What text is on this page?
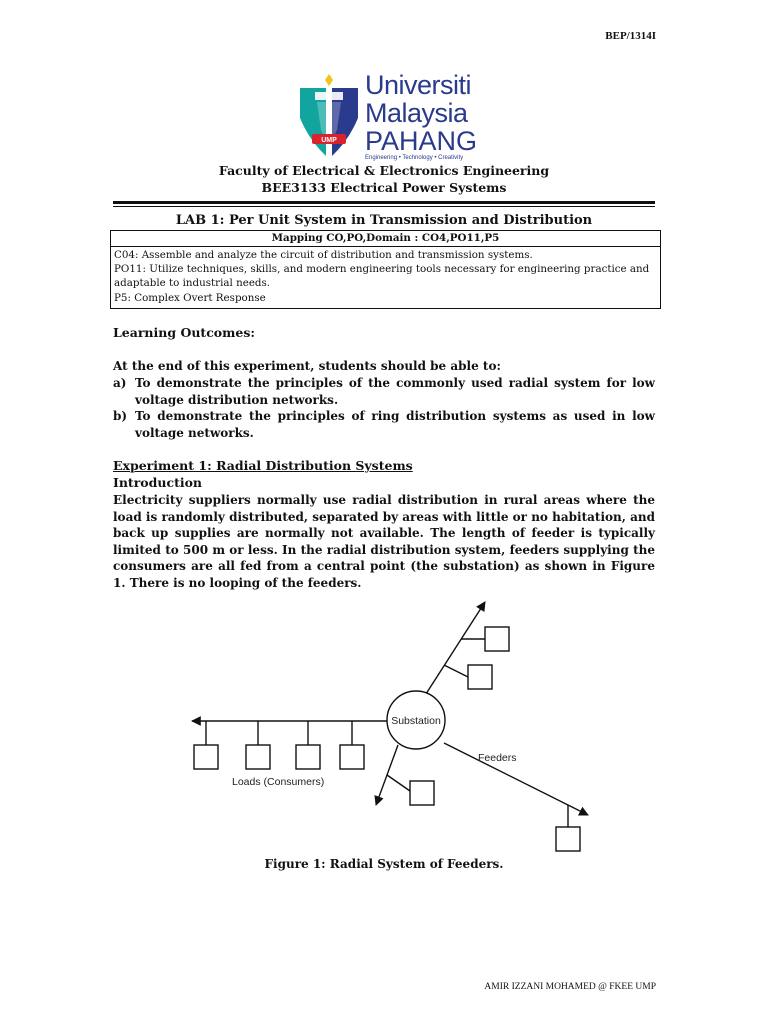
BEP/1314I
UMP
Universiti
Malaysia
PAHANG
Engineering • Technology • Creativity
Faculty of Electrical & Electronics Engineering
BEE3133 Electrical Power Systems
LAB 1: Per Unit System in Transmission and Distribution
Mapping CO,PO,Domain : CO4,PO11,P5
C04: Assemble and analyze the circuit of distribution and transmission systems.
PO11: Utilize techniques, skills, and modern engineering tools necessary for engineering practice and
adaptable to industrial needs.
P5: Complex Overt Response
Learning Outcomes:
At the end of this experiment, students should be able to:
a) To demonstrate the principles of the commonly used radial system for low voltage distribution networks.
b) To demonstrate the principles of ring distribution systems as used in low voltage networks.
Experiment 1: Radial Distribution Systems
Introduction
Electricity suppliers normally use radial distribution in rural areas where the load is randomly distributed, separated by areas with little or no habitation, and back up supplies are normally not available. The length of feeder is typically limited to 500 m or less. In the radial distribution system, feeders supplying the consumers are all fed from a central point (the substation) as shown in Figure 1. There is no looping of the feeders.
Substation
Feeders
Loads (Consumers)
Figure 1: Radial System of Feeders.
AMIR IZZANI MOHAMED @ FKEE UMP
